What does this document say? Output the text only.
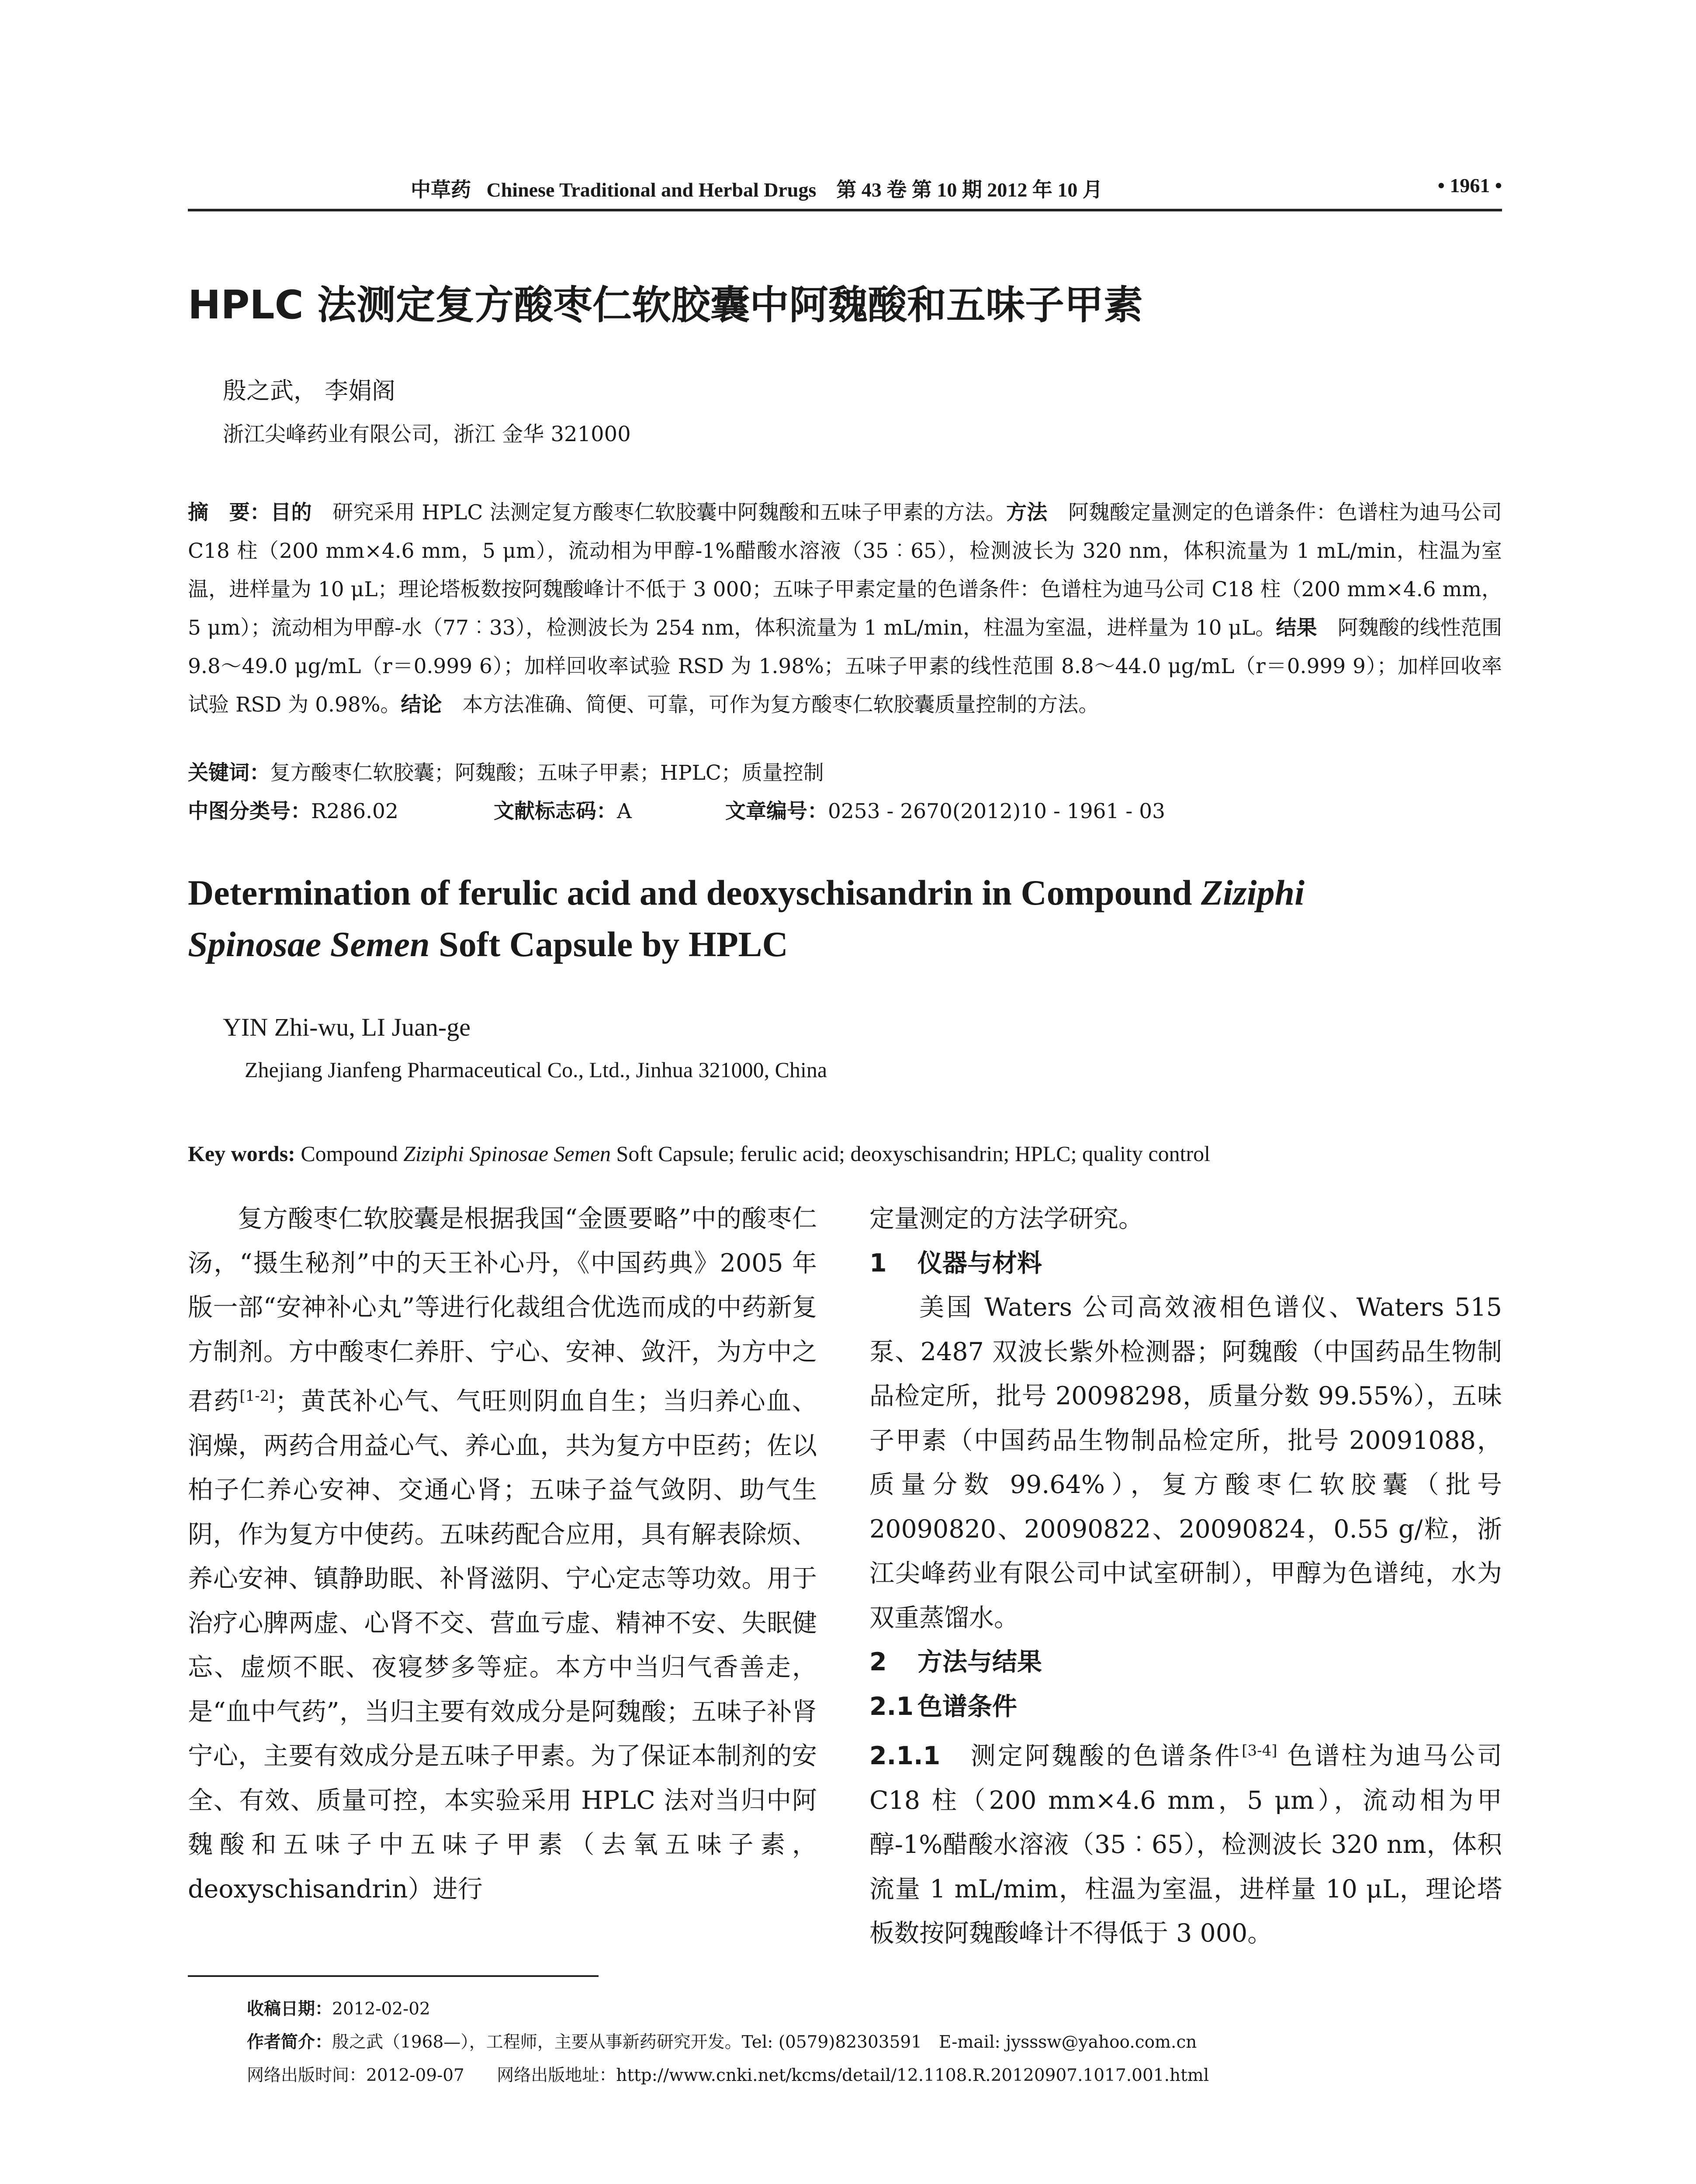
中草药 Chinese Traditional and Herbal Drugs 第 43 卷 第 10 期 2012 年 10 月	• 1961 •
HPLC 法测定复方酸枣仁软胶囊中阿魏酸和五味子甲素
殷之武， 李娟阁
浙江尖峰药业有限公司，浙江 金华 321000
摘　要：目的　研究采用 HPLC 法测定复方酸枣仁软胶囊中阿魏酸和五味子甲素的方法。方法　阿魏酸定量测定的色谱条件：色谱柱为迪马公司 C18 柱（200 mm×4.6 mm，5 μm），流动相为甲醇-1%醋酸水溶液（35︰65），检测波长为 320 nm，体积流量为 1 mL/min，柱温为室温，进样量为 10 μL；理论塔板数按阿魏酸峰计不低于 3 000；五味子甲素定量的色谱条件：色谱柱为迪马公司 C18 柱（200 mm×4.6 mm，5 μm）；流动相为甲醇-水（77︰33），检测波长为 254 nm，体积流量为 1 mL/min，柱温为室温，进样量为 10 μL。结果　阿魏酸的线性范围 9.8～49.0 μg/mL（r＝0.999 6）；加样回收率试验 RSD 为 1.98%；五味子甲素的线性范围 8.8～44.0 μg/mL（r＝0.999 9）；加样回收率试验 RSD 为 0.98%。结论　本方法准确、简便、可靠，可作为复方酸枣仁软胶囊质量控制的方法。
关键词：复方酸枣仁软胶囊；阿魏酸；五味子甲素；HPLC；质量控制
中图分类号：R286.02	文献标志码：A	文章编号：0253 - 2670(2012)10 - 1961 - 03
Determination of ferulic acid and deoxyschisandrin in Compound Ziziphi
Spinosae Semen Soft Capsule by HPLC
YIN Zhi-wu, LI Juan-ge
Zhejiang Jianfeng Pharmaceutical Co., Ltd., Jinhua 321000, China
Key words: Compound Ziziphi Spinosae Semen Soft Capsule; ferulic acid; deoxyschisandrin; HPLC; quality control

复方酸枣仁软胶囊是根据我国“金匮要略”中的酸枣仁汤，“摄生秘剂”中的天王补心丹，《中国药典》2005 年版一部“安神补心丸”等进行化裁组合优选而成的中药新复方制剂。方中酸枣仁养肝、宁心、安神、敛汗，为方中之君药[1-2]；黄芪补心气、气旺则阴血自生；当归养心血、润燥，两药合用益心气、养心血，共为复方中臣药；佐以柏子仁养心安神、交通心肾；五味子益气敛阴、助气生阴，作为复方中使药。五味药配合应用，具有解表除烦、养心安神、镇静助眠、补肾滋阴、宁心定志等功效。用于治疗心脾两虚、心肾不交、营血亏虚、精神不安、失眠健忘、虚烦不眠、夜寝梦多等症。本方中当归气香善走，是“血中气药”，当归主要有效成分是阿魏酸；五味子补肾宁心，主要有效成分是五味子甲素。为了保证本制剂的安全、有效、质量可控，本实验采用 HPLC 法对当归中阿魏酸和五味子中五味子甲素（去氧五味子素，deoxyschisandrin）进行

定量测定的方法学研究。

1 仪器与材料

美国 Waters 公司高效液相色谱仪、Waters 515 泵、2487 双波长紫外检测器；阿魏酸（中国药品生物制品检定所，批号 20098298，质量分数 99.55%），五味子甲素（中国药品生物制品检定所，批号 20091088，质量分数 99.64%），复方酸枣仁软胶囊（批号 20090820、20090822、20090824，0.55 g/粒，浙江尖峰药业有限公司中试室研制），甲醇为色谱纯，水为双重蒸馏水。

2 方法与结果

2.1 色谱条件

2.1.1 测定阿魏酸的色谱条件[3-4] 色谱柱为迪马公司 C18 柱（200 mm×4.6 mm，5 μm），流动相为甲醇-1%醋酸水溶液（35︰65），检测波长 320 nm，体积流量 1 mL/mim，柱温为室温，进样量 10 μL，理论塔板数按阿魏酸峰计不得低于 3 000。

收稿日期：2012-02-02
作者简介：殷之武（1968—），工程师，主要从事新药研究开发。Tel: (0579)82303591　E-mail: jysssw@yahoo.com.cn
网络出版时间：2012-09-07 网络出版地址：http://www.cnki.net/kcms/detail/12.1108.R.20120907.1017.001.html
